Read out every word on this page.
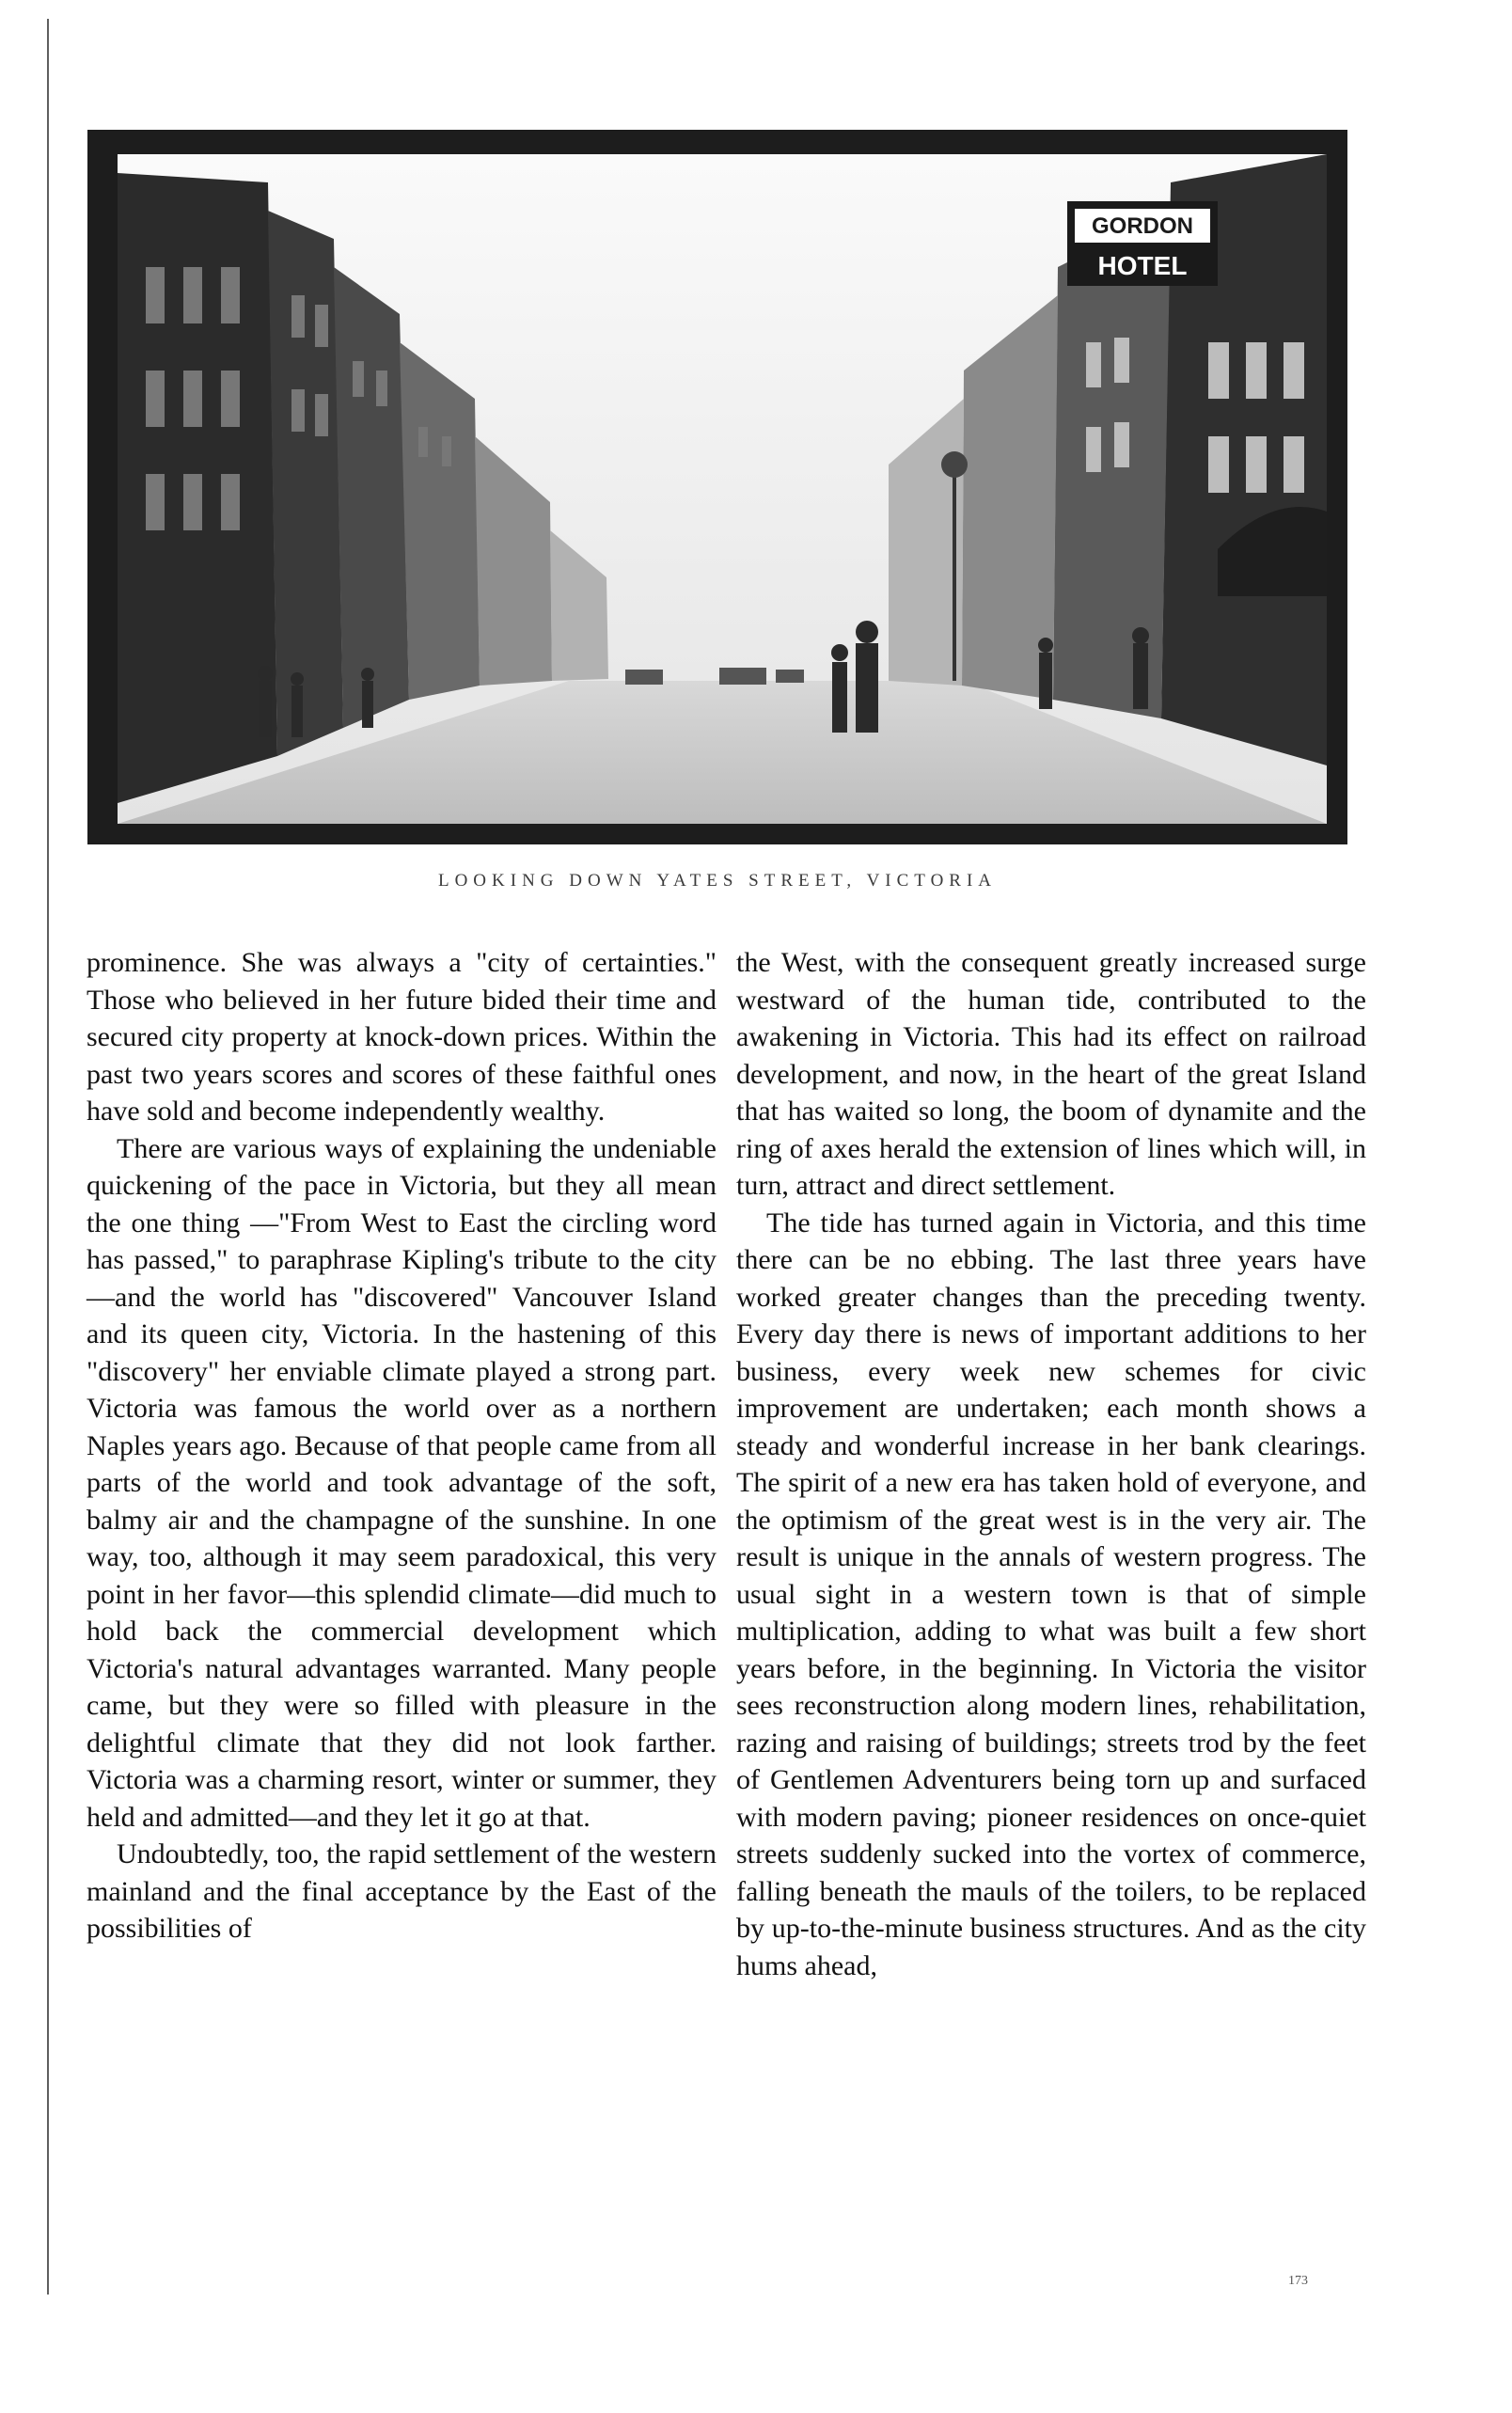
GORDON
HOTEL
LOOKING DOWN YATES STREET, VICTORIA

prominence. She was always a "city of certainties." Those who believed in her future bided their time and secured city property at knock-down prices. Within the past two years scores and scores of these faithful ones have sold and become independently wealthy.

There are various ways of explaining the undeniable quickening of the pace in Victoria, but they all mean the one thing —"From West to East the circling word has passed," to paraphrase Kipling's tribute to the city—and the world has "discovered" Vancouver Island and its queen city, Victoria. In the hastening of this "discovery" her enviable climate played a strong part. Victoria was famous the world over as a northern Naples years ago. Because of that people came from all parts of the world and took advantage of the soft, balmy air and the champagne of the sunshine. In one way, too, although it may seem paradoxical, this very point in her favor—this splendid climate—did much to hold back the commercial development which Victoria's natural advantages warranted. Many people came, but they were so filled with pleasure in the delightful climate that they did not look farther. Victoria was a charming resort, winter or summer, they held and admitted—and they let it go at that.

Undoubtedly, too, the rapid settlement of the western mainland and the final acceptance by the East of the possibilities of

the West, with the consequent greatly increased surge westward of the human tide, contributed to the awakening in Victoria. This had its effect on railroad development, and now, in the heart of the great Island that has waited so long, the boom of dynamite and the ring of axes herald the extension of lines which will, in turn, attract and direct settlement.

The tide has turned again in Victoria, and this time there can be no ebbing. The last three years have worked greater changes than the preceding twenty. Every day there is news of important additions to her business, every week new schemes for civic improvement are undertaken; each month shows a steady and wonderful increase in her bank clearings. The spirit of a new era has taken hold of everyone, and the optimism of the great west is in the very air. The result is unique in the annals of western progress. The usual sight in a western town is that of simple multiplication, adding to what was built a few short years before, in the beginning. In Victoria the visitor sees reconstruction along modern lines, rehabilitation, razing and raising of buildings; streets trod by the feet of Gentlemen Adventurers being torn up and surfaced with modern paving; pioneer residences on once-quiet streets suddenly sucked into the vortex of commerce, falling beneath the mauls of the toilers, to be replaced by up-to-the-minute business structures. And as the city hums ahead,

173
